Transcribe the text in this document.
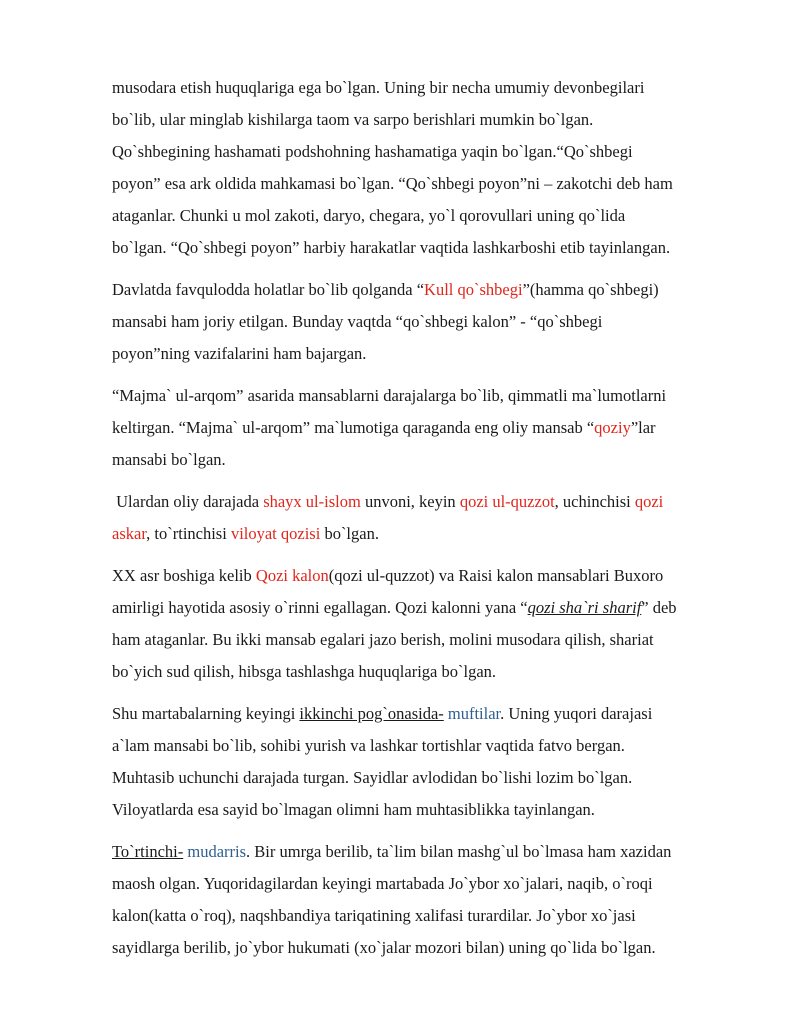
musodara etish huquqlariga ega bo`lgan. Uning bir necha umumiy devonbegilari
bo`lib, ular minglab kishilarga taom va sarpo berishlari mumkin bo`lgan.
Qo`shbegining hashamati podshohning hashamatiga yaqin bo`lgan.“Qo`shbegi
poyon” esa ark oldida mahkamasi bo`lgan. “Qo`shbegi poyon”ni – zakotchi deb ham
ataganlar. Chunki u mol zakoti, daryo, chegara, yo`l qorovullari uning qo`lida
bo`lgan. “Qo`shbegi poyon” harbiy harakatlar vaqtida lashkarboshi etib tayinlangan.

Davlatda favqulodda holatlar bo`lib qolganda “Kull qo`shbegi”(hamma qo`shbegi)
mansabi ham joriy etilgan. Bunday vaqtda “qo`shbegi kalon” - “qo`shbegi
poyon”ning vazifalarini ham bajargan.

“Majma` ul-arqom” asarida mansablarni darajalarga bo`lib, qimmatli ma`lumotlarni
keltirgan. “Majma` ul-arqom” ma`lumotiga qaraganda eng oliy mansab “qoziy”lar
mansabi bo`lgan.

Ulardan oliy darajada shayx ul-islom unvoni, keyin qozi ul-quzzot, uchinchisi qozi
askar, to`rtinchisi viloyat qozisi bo`lgan.

XX asr boshiga kelib Qozi kalon(qozi ul-quzzot) va Raisi kalon mansablari Buxoro
amirligi hayotida asosiy o`rinni egallagan. Qozi kalonni yana “qozi sha`ri sharif” deb
ham ataganlar. Bu ikki mansab egalari jazo berish, molini musodara qilish, shariat
bo`yich sud qilish, hibsga tashlashga huquqlariga bo`lgan.

Shu martabalarning keyingi ikkinchi pog`onasida- muftilar. Uning yuqori darajasi
a`lam mansabi bo`lib, sohibi yurish va lashkar tortishlar vaqtida fatvo bergan.
Muhtasib uchunchi darajada turgan. Sayidlar avlodidan bo`lishi lozim bo`lgan.
Viloyatlarda esa sayid bo`lmagan olimni ham muhtasiblikka tayinlangan.

To`rtinchi- mudarris. Bir umrga berilib, ta`lim bilan mashg`ul bo`lmasa ham xazidan
maosh olgan. Yuqoridagilardan keyingi martabada Jo`ybor xo`jalari, naqib, o`roqi
kalon(katta o`roq), naqshbandiya tariqatining xalifasi turardilar. Jo`ybor xo`jasi
sayidlarga berilib, jo`ybor hukumati (xo`jalar mozori bilan) uning qo`lida bo`lgan.
